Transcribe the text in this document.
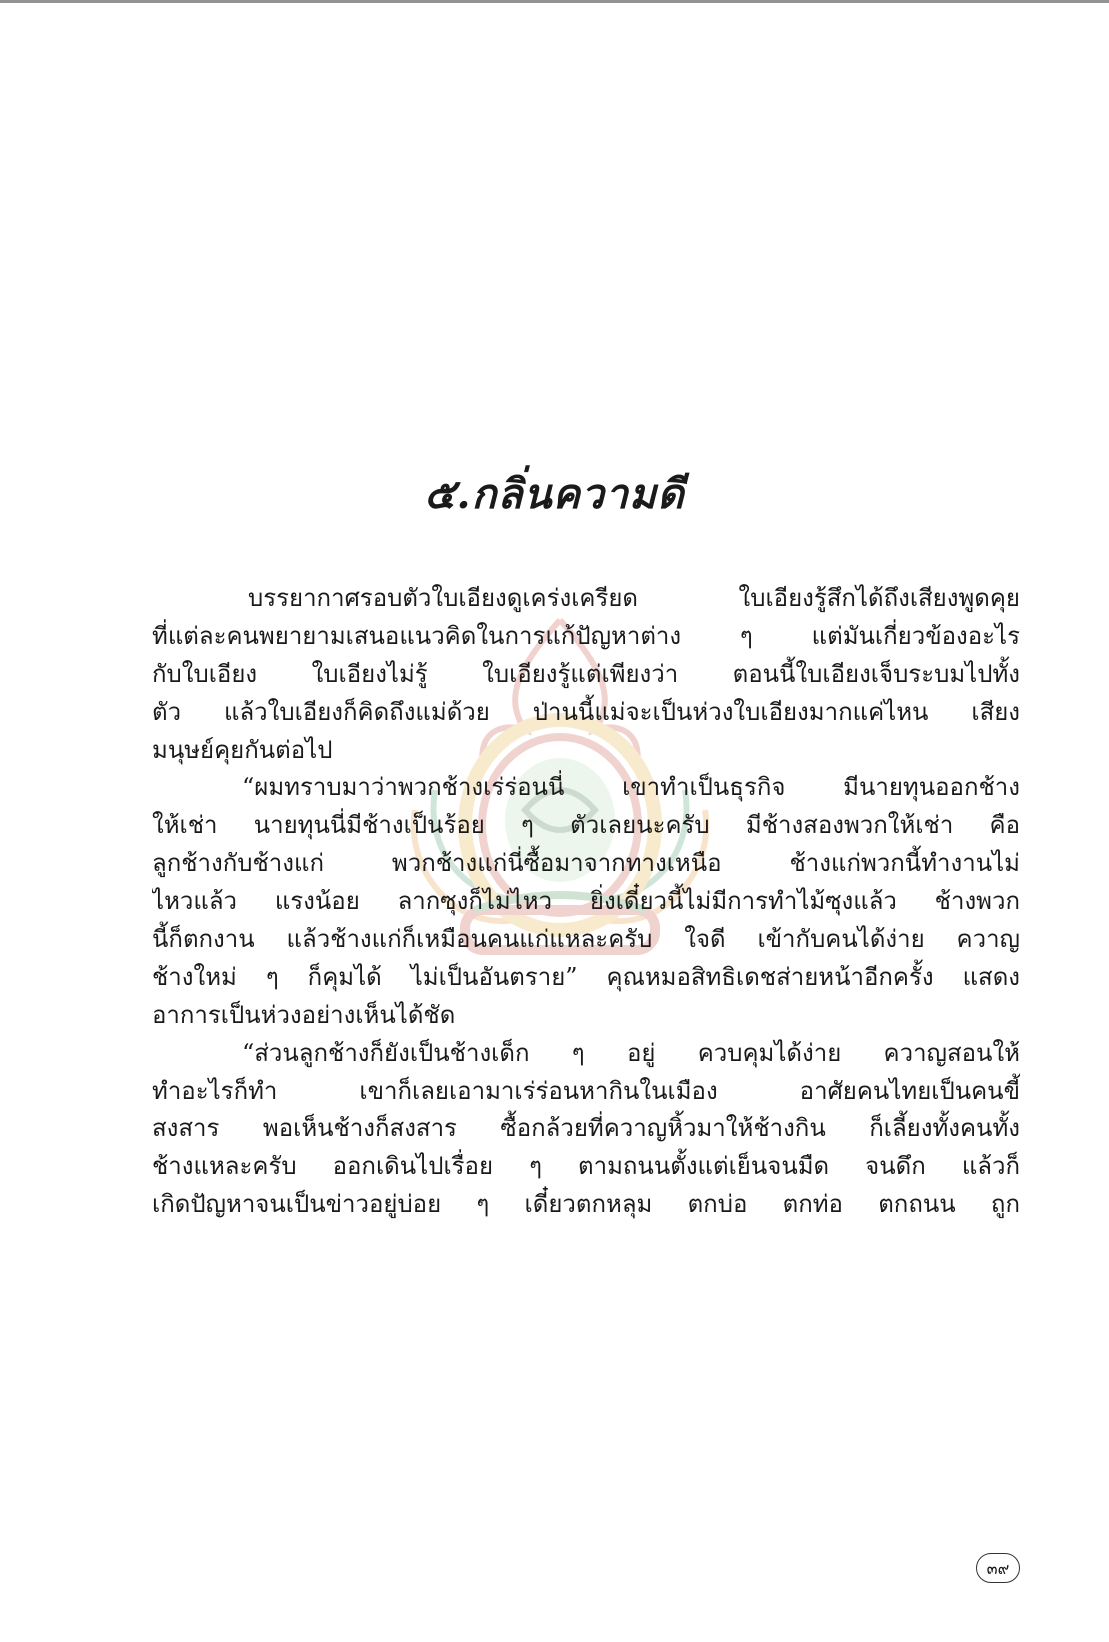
๕.กลิ่นความดี
บรรยากาศรอบตัวใบเอียงดูเคร่งเครียด ใบเอียงรู้สึกได้ถึงเสียงพูดคุย
ที่แต่ละคนพยายามเสนอแนวคิดในการแก้ปัญหาต่าง ๆ แต่มันเกี่ยวข้องอะไร
กับใบเอียง ใบเอียงไม่รู้ ใบเอียงรู้แต่เพียงว่า ตอนนี้ใบเอียงเจ็บระบมไปทั้ง
ตัว แล้วใบเอียงก็คิดถึงแม่ด้วย ป่านนี้แม่จะเป็นห่วงใบเอียงมากแค่ไหน เสียง
มนุษย์คุยกันต่อไป
“ผมทราบมาว่าพวกช้างเร่ร่อนนี่ เขาทำเป็นธุรกิจ มีนายทุนออกช้าง
ให้เช่า นายทุนนี่มีช้างเป็นร้อย ๆ ตัวเลยนะครับ มีช้างสองพวกให้เช่า คือ
ลูกช้างกับช้างแก่ พวกช้างแก่นี่ซื้อมาจากทางเหนือ ช้างแก่พวกนี้ทำงานไม่
ไหวแล้ว แรงน้อย ลากซุงก็ไม่ไหว ยิ่งเดี๋ยวนี้ไม่มีการทำไม้ซุงแล้ว ช้างพวก
นี้ก็ตกงาน แล้วช้างแก่ก็เหมือนคนแก่แหละครับ ใจดี เข้ากับคนได้ง่าย ควาญ
ช้างใหม่ ๆ ก็คุมได้ ไม่เป็นอันตราย” คุณหมอสิทธิเดชส่ายหน้าอีกครั้ง แสดง
อาการเป็นห่วงอย่างเห็นได้ชัด
“ส่วนลูกช้างก็ยังเป็นช้างเด็ก ๆ อยู่ ควบคุมได้ง่าย ควาญสอนให้
ทำอะไรก็ทำ เขาก็เลยเอามาเร่ร่อนหากินในเมือง อาศัยคนไทยเป็นคนขี้
สงสาร พอเห็นช้างก็สงสาร ซื้อกล้วยที่ควาญหิ้วมาให้ช้างกิน ก็เลี้ยงทั้งคนทั้ง
ช้างแหละครับ ออกเดินไปเรื่อย ๆ ตามถนนตั้งแต่เย็นจนมืด จนดึก แล้วก็
เกิดปัญหาจนเป็นข่าวอยู่บ่อย ๆ เดี๋ยวตกหลุม ตกบ่อ ตกท่อ ตกถนน ถูก
๓๙
